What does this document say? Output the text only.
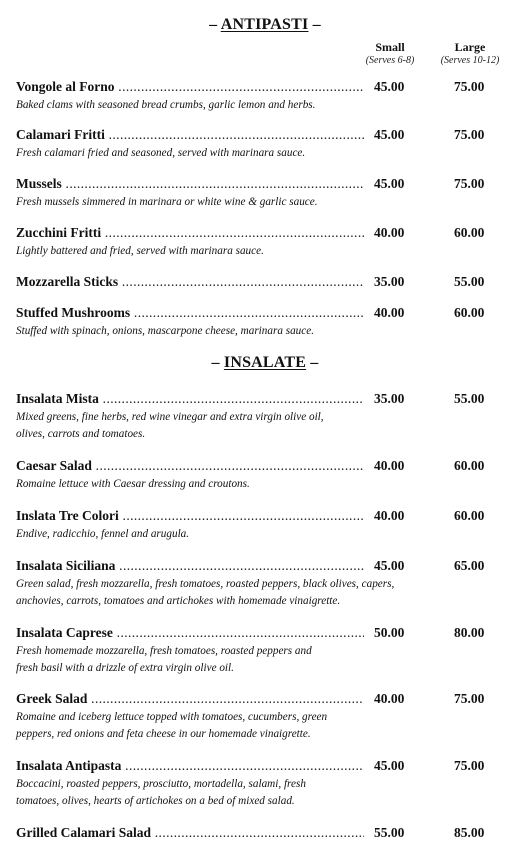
– ANTIPASTI –
Small
(Serves 6-8)
Large
(Serves 10-12)
Vongole al Forno .....	45.00	75.00
Baked clams with seasoned bread crumbs, garlic lemon and herbs.
Calamari Fritti .....	45.00	75.00
Fresh calamari fried and seasoned, served with marinara sauce.
Mussels .....	45.00	75.00
Fresh mussels simmered in marinara or white wine & garlic sauce.
Zucchini Fritti .....	40.00	60.00
Lightly battered and fried, served with marinara sauce.
Mozzarella Sticks .....	35.00	55.00
Stuffed Mushrooms .....	40.00	60.00
Stuffed with spinach, onions, mascarpone cheese, marinara sauce.
– INSALATE –
Insalata Mista .....	35.00	55.00
Mixed greens, fine herbs, red wine vinegar and extra virgin olive oil,
olives, carrots and tomatoes.
Caesar Salad .....	40.00	60.00
Romaine lettuce with Caesar dressing and croutons.
Inslata Tre Colori .....	40.00	60.00
Endive, radicchio, fennel and arugula.
Insalata Siciliana .....	45.00	65.00
Green salad, fresh mozzarella, fresh tomatoes, roasted peppers, black olives, capers,
anchovies, carrots, tomatoes and artichokes with homemade vinaigrette.
Insalata Caprese .....	50.00	80.00
Fresh homemade mozzarella, fresh tomatoes, roasted peppers and
fresh basil with a drizzle of extra virgin olive oil.
Greek Salad .....	40.00	75.00
Romaine and iceberg lettuce topped with tomatoes, cucumbers, green
peppers, red onions and feta cheese in our homemade vinaigrette.
Insalata Antipasta .....	45.00	75.00
Boccacini, roasted peppers, prosciutto, mortadella, salami, fresh
tomatoes, olives, hearts of artichokes on a bed of mixed salad.
Grilled Calamari Salad .....	55.00	85.00
